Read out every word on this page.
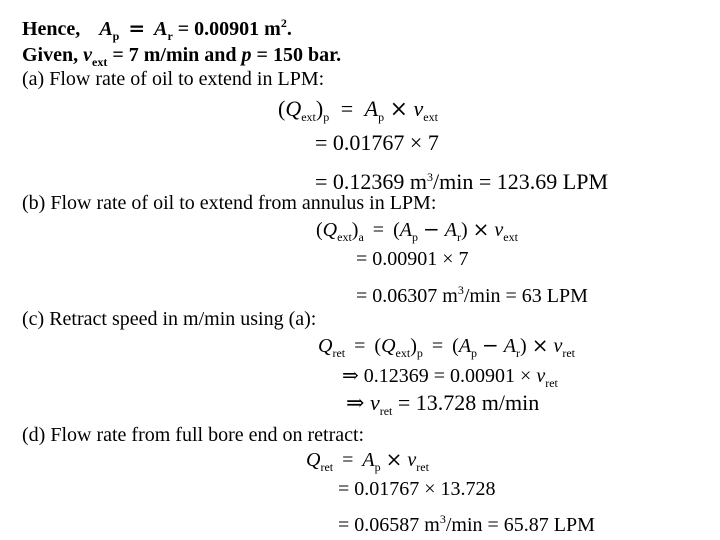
Hence, $A_p = A_r = 0.00901$ $m^2$.
Given, $v_{ext} = 7$ m/min and p = 150 bar.
(a) Flow rate of oil to extend in LPM:
$(Q_{ext})_p = A_p \times v_{ext}$
= 0.01767 × 7
= 0.12369 $m^3/\min = 123.69$ LPM
(b) Flow rate of oil to extend from annulus in LPM:
$(Q_{ext})_a = (A_p - A_r) \times v_{ext}$
= 0.00901 × 7
= 0.06307 $m^3/\min = 63$ LPM
(c) Retract speed in m/min using (a):
$Q_{ret} = (Q_{ext})_p = (A_p - A_r) \times v_{ret}$
⇒ $0.12369 = 0.00901 \times v_{ret}$
⇒ $v_{ret} = 13.728$ m/min
(d) Flow rate from full bore end on retract:
$Q_{ret} = A_p \times v_{ret}$
= 0.01767 × 13.728
= 0.06587 $m^3/\min = 65.87$ LPM
